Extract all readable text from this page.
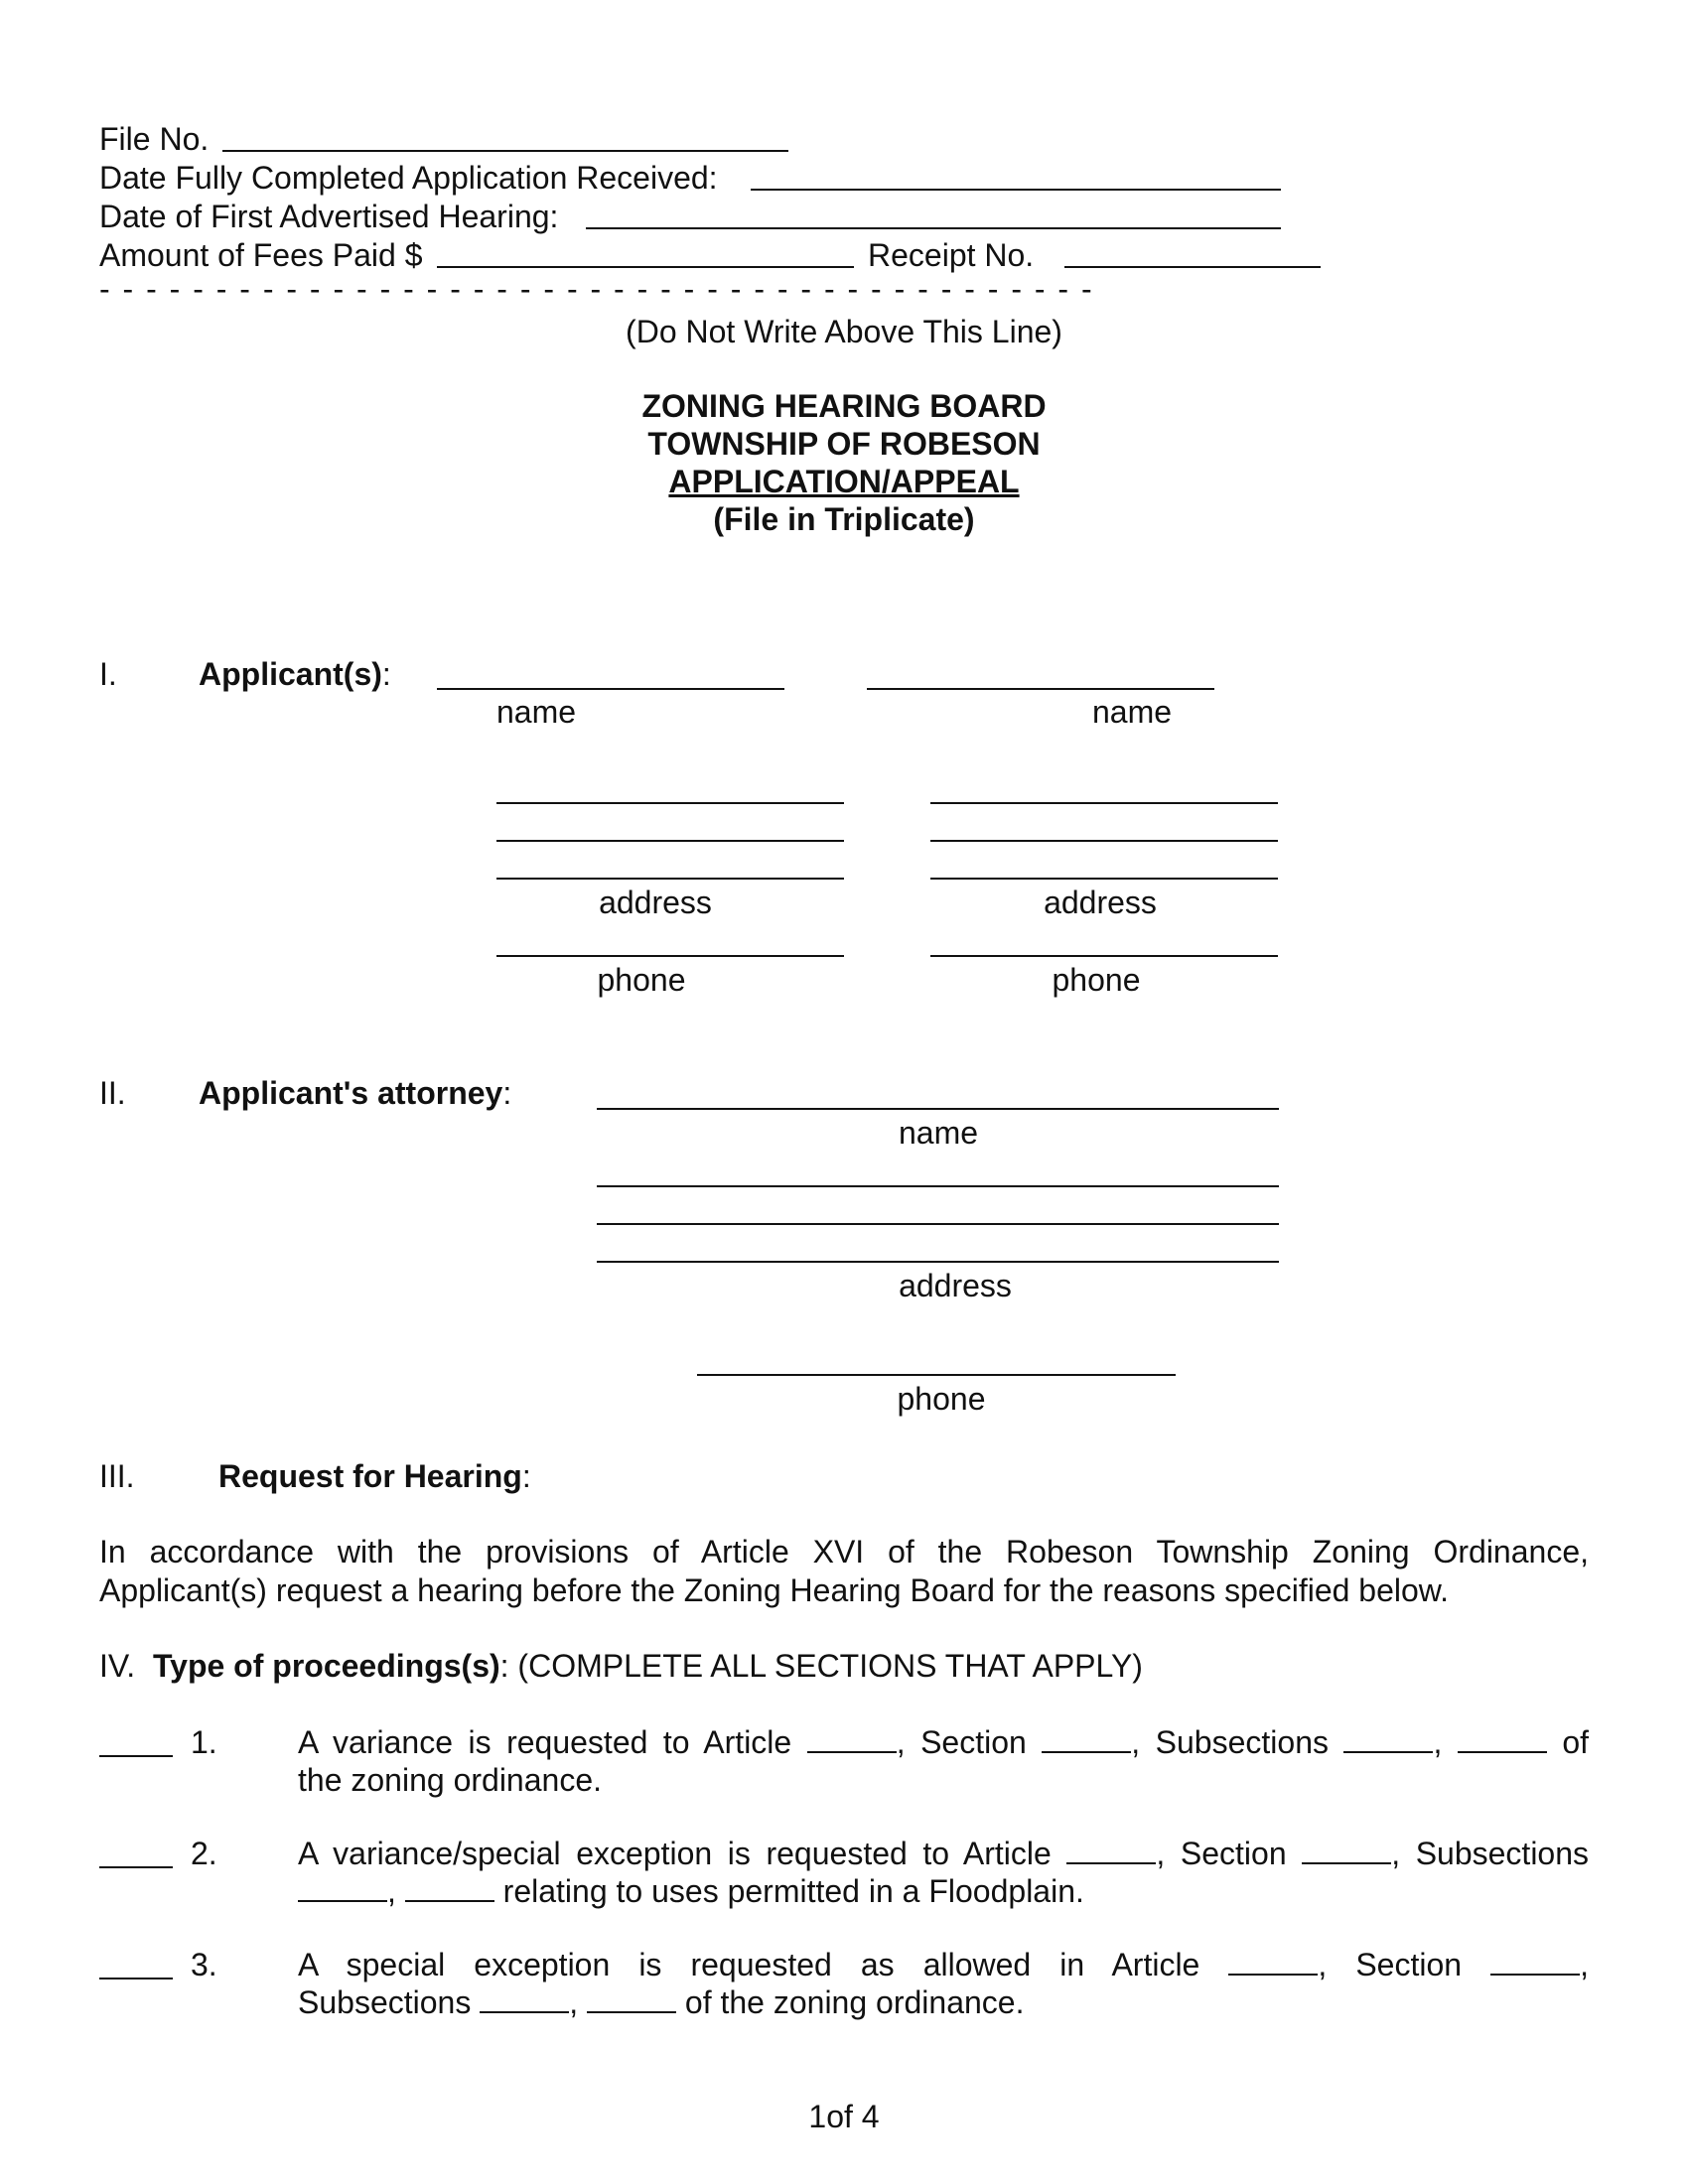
File No.
Date Fully Completed Application Received:
Date of First Advertised Hearing:
Amount of Fees Paid $	Receipt No.
- - - - - - - - - - - - - - - - - - - - - - - - - - - - - - - - - - - - - - - - - - -
(Do Not Write Above This Line)
ZONING HEARING BOARD
TOWNSHIP OF ROBESON
APPLICATION/APPEAL
(File in Triplicate)
I.	Applicant(s):
name	name
address	address
phone	phone
II. Applicant's attorney:
name
address
phone
III.	Request for Hearing:
In accordance with the provisions of Article XVI of the Robeson Township Zoning Ordinance,
Applicant(s) request a hearing before the Zoning Hearing Board for the reasons specified below.
IV. Type of proceedings(s): (COMPLETE ALL SECTIONS THAT APPLY)
1.	A variance is requested to Article	, Section	, Subsections	,	of
the zoning ordinance.
2.	A variance/special exception is requested to Article	, Section	, Subsections
,	relating to uses permitted in a Floodplain.
3.	A special exception is requested as allowed in Article	, Section	,
Subsections	,	of the zoning ordinance.
1of 4
